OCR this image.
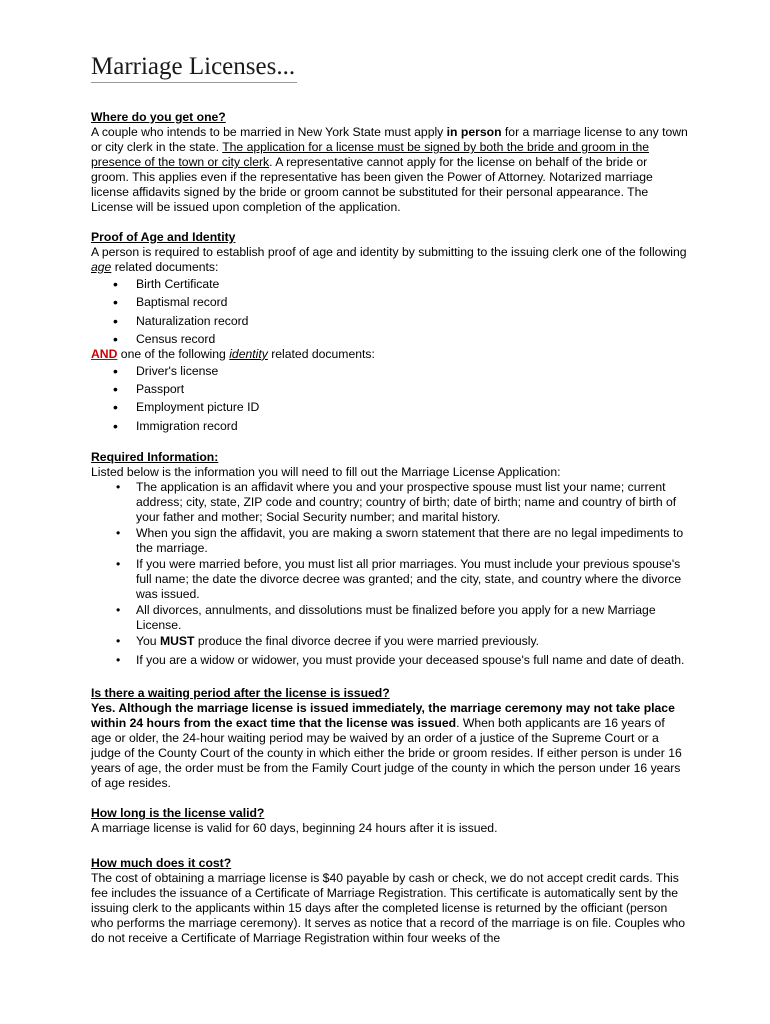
Marriage Licenses...
Where do you get one?

A couple who intends to be married in New York State must apply in person for a marriage license to any town or city clerk in the state. The application for a license must be signed by both the bride and groom in the presence of the town or city clerk. A representative cannot apply for the license on behalf of the bride or groom. This applies even if the representative has been given the Power of Attorney. Notarized marriage license affidavits signed by the bride or groom cannot be substituted for their personal appearance. The License will be issued upon completion of the application.

Proof of Age and Identity

A person is required to establish proof of age and identity by submitting to the issuing clerk one of the following age related documents:

• Birth Certificate
• Baptismal record
• Naturalization record
• Census record

AND one of the following identity related documents:

• Driver's license
• Passport
• Employment picture ID
• Immigration record
Required Information:

Listed below is the information you will need to fill out the Marriage License Application:

• The application is an affidavit where you and your prospective spouse must list your name; current address; city, state, ZIP code and country; country of birth; date of birth; name and country of birth of your father and mother; Social Security number; and marital history.
• When you sign the affidavit, you are making a sworn statement that there are no legal impediments to the marriage.
• If you were married before, you must list all prior marriages. You must include your previous spouse's full name; the date the divorce decree was granted; and the city, state, and country where the divorce was issued.
• All divorces, annulments, and dissolutions must be finalized before you apply for a new Marriage License.
• You MUST produce the final divorce decree if you were married previously.
• If you are a widow or widower, you must provide your deceased spouse's full name and date of death.
Is there a waiting period after the license is issued?

Yes. Although the marriage license is issued immediately, the marriage ceremony may not take place within 24 hours from the exact time that the license was issued. When both applicants are 16 years of age or older, the 24-hour waiting period may be waived by an order of a justice of the Supreme Court or a judge of the County Court of the county in which either the bride or groom resides. If either person is under 16 years of age, the order must be from the Family Court judge of the county in which the person under 16 years of age resides.

How long is the license valid?

A marriage license is valid for 60 days, beginning 24 hours after it is issued.

How much does it cost?

The cost of obtaining a marriage license is $40 payable by cash or check, we do not accept credit cards. This fee includes the issuance of a Certificate of Marriage Registration. This certificate is automatically sent by the issuing clerk to the applicants within 15 days after the completed license is returned by the officiant (person who performs the marriage ceremony). It serves as notice that a record of the marriage is on file. Couples who do not receive a Certificate of Marriage Registration within four weeks of the
